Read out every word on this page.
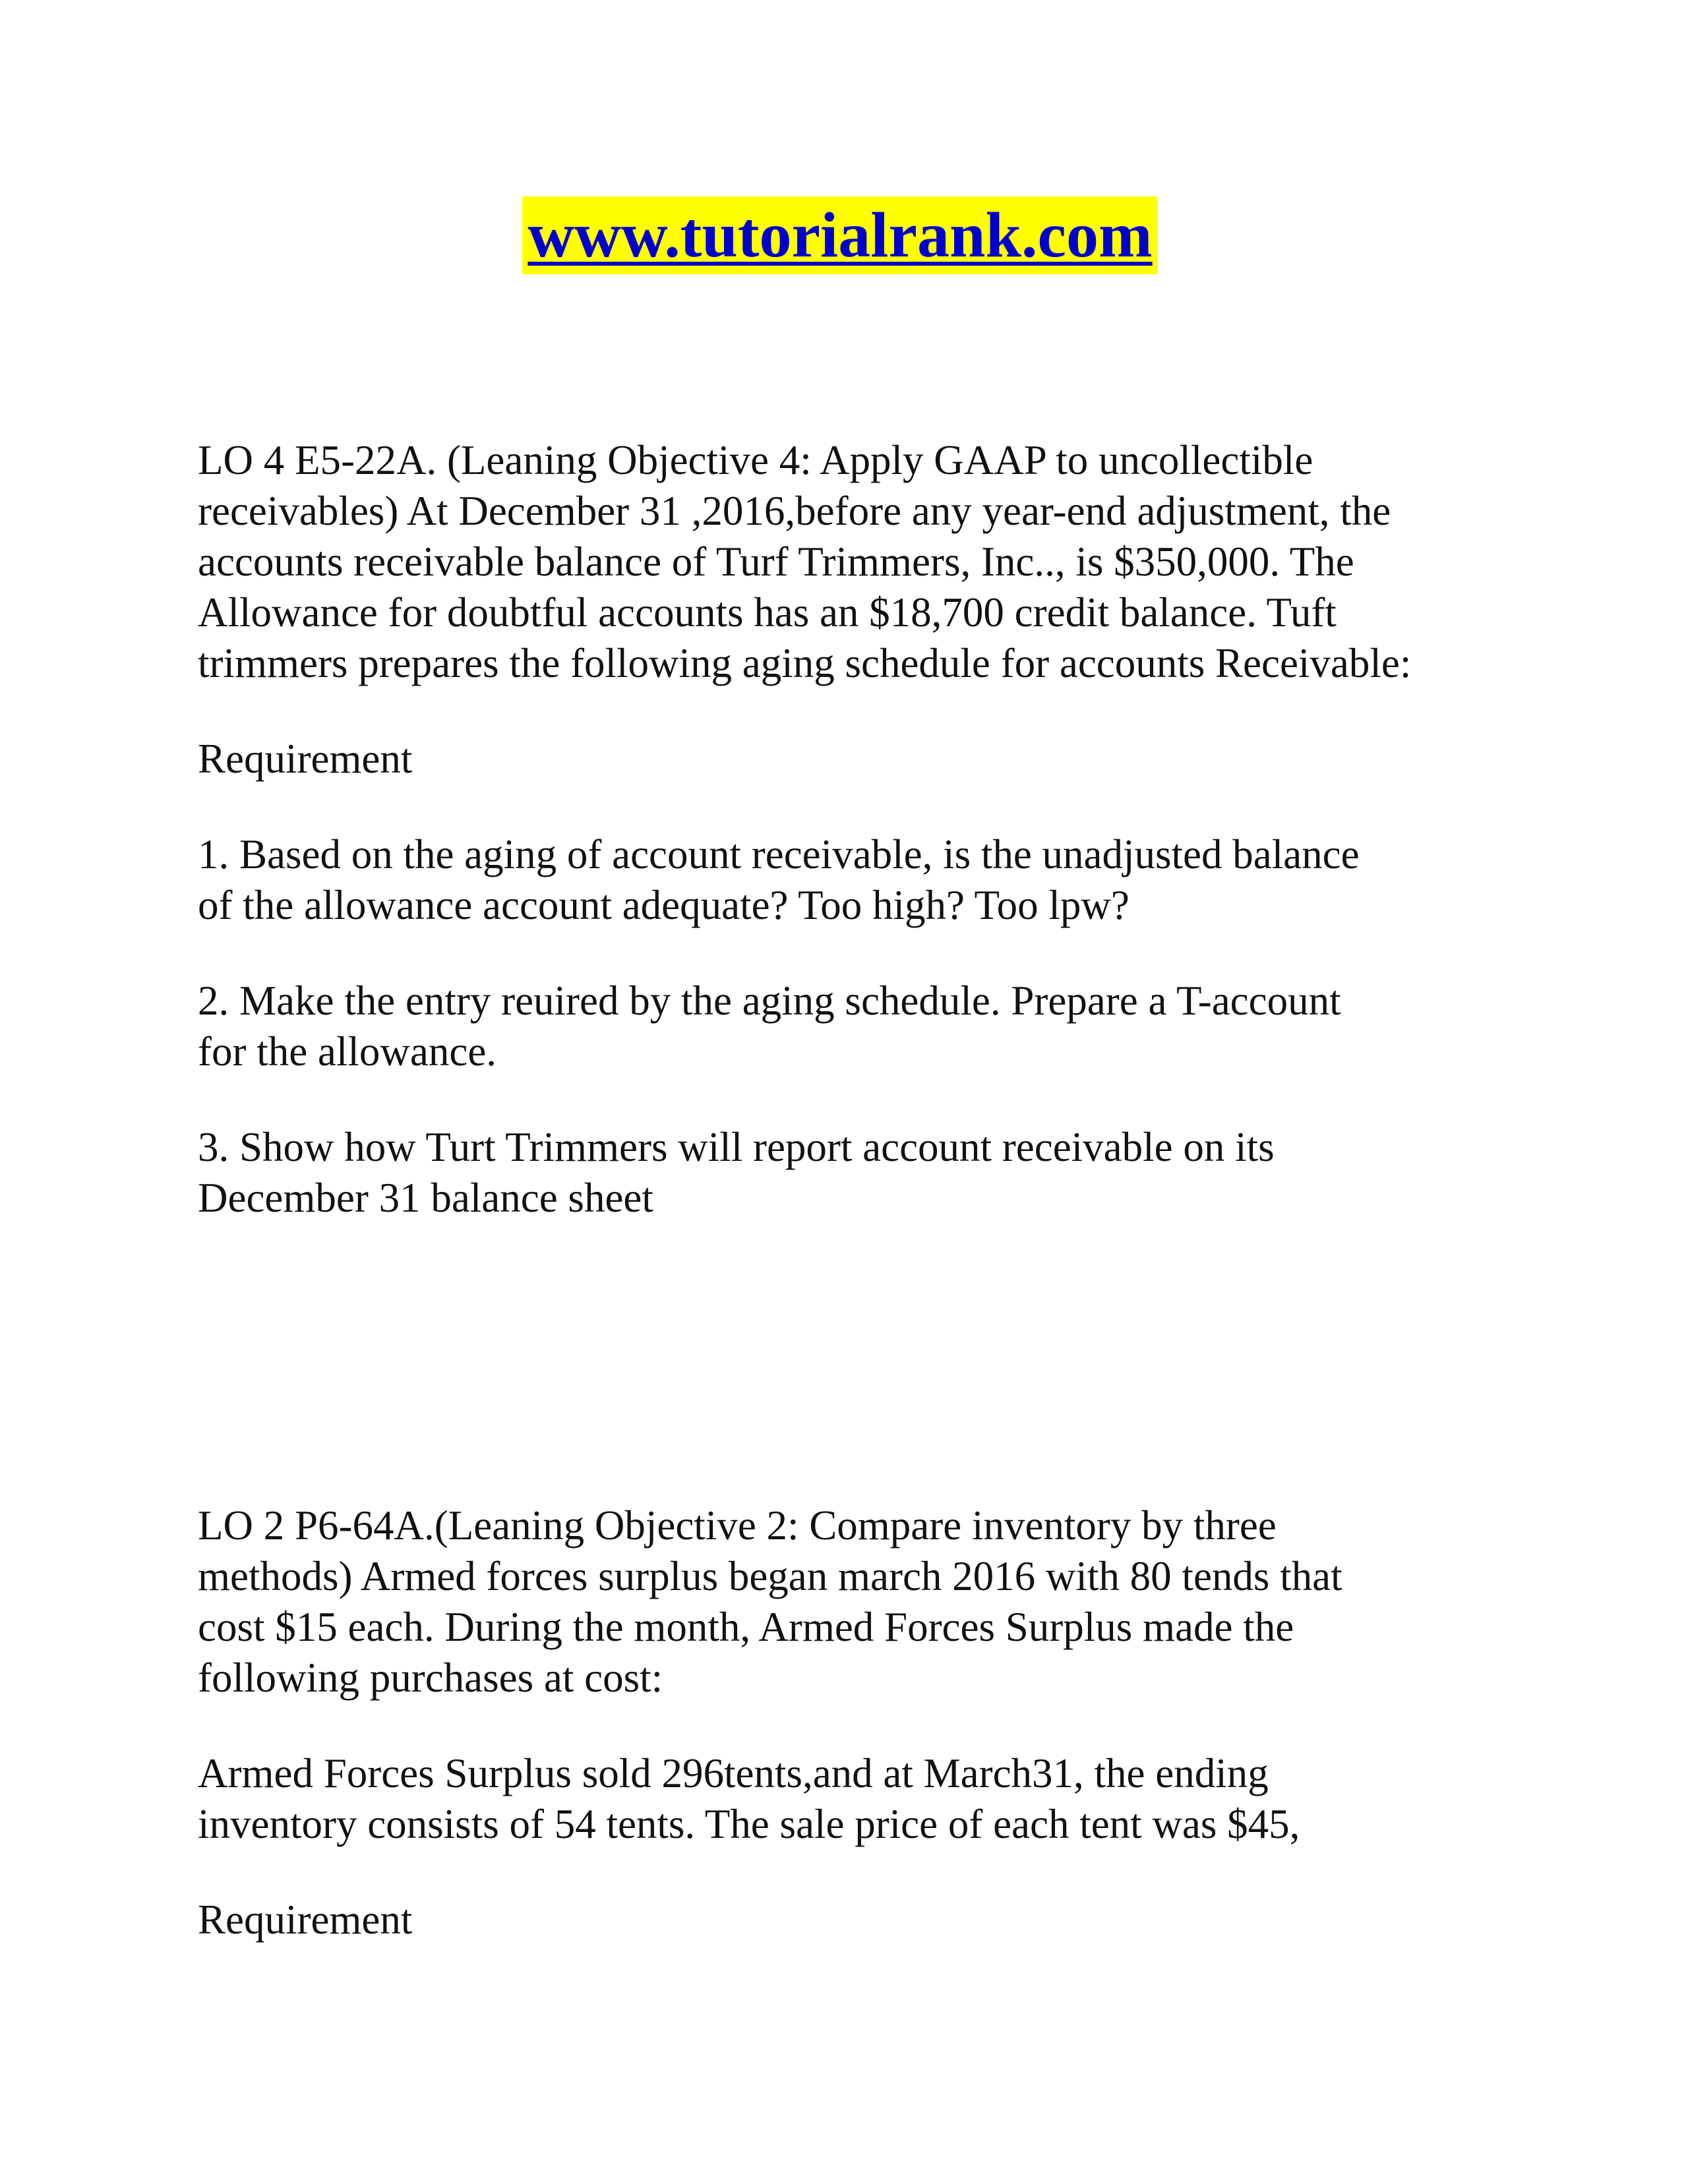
www.tutorialrank.com

LO 4 E5-22A. (Leaning Objective 4: Apply GAAP to uncollectible
receivables) At December 31 ,2016,before any year-end adjustment, the
accounts receivable balance of Turf Trimmers, Inc.., is $350,000. The
Allowance for doubtful accounts has an $18,700 credit balance. Tuft
trimmers prepares the following aging schedule for accounts Receivable:

Requirement

1. Based on the aging of account receivable, is the unadjusted balance
of the allowance account adequate? Too high? Too lpw?

2. Make the entry reuired by the aging schedule. Prepare a T-account
for the allowance.

3. Show how Turt Trimmers will report account receivable on its
December 31 balance sheet

LO 2 P6-64A.(Leaning Objective 2: Compare inventory by three
methods) Armed forces surplus began march 2016 with 80 tends that
cost $15 each. During the month, Armed Forces Surplus made the
following purchases at cost:

Armed Forces Surplus sold 296tents,and at March31, the ending
inventory consists of 54 tents. The sale price of each tent was $45,

Requirement
